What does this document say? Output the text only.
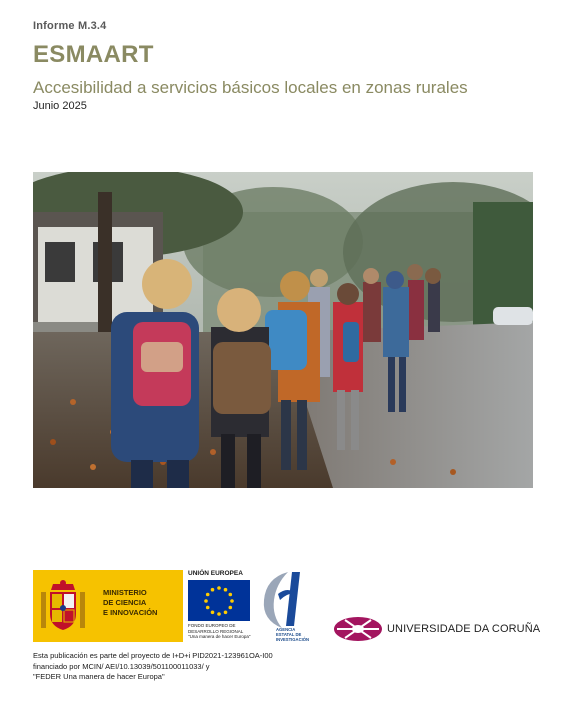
Informe M.3.4
ESMAART
Accesibilidad a servicios básicos locales en zonas rurales
Junio 2025
MINISTERIO
DE CIENCIA
E INNOVACIÓN
UNIÓN EUROPEA
FONDO EUROPEO DE
DESARROLLO REGIONAL
"Una manera de hacer Europa"
AGENCIA
ESTATAL DE
INVESTIGACIÓN
UNIVERSIDADE DA CORUÑA
Esta publicación es parte del proyecto de I+D+i PID2021-123961OA-I00
financiado por MCIN/ AEI/10.13039/501100011033/ y
"FEDER Una manera de hacer Europa"
